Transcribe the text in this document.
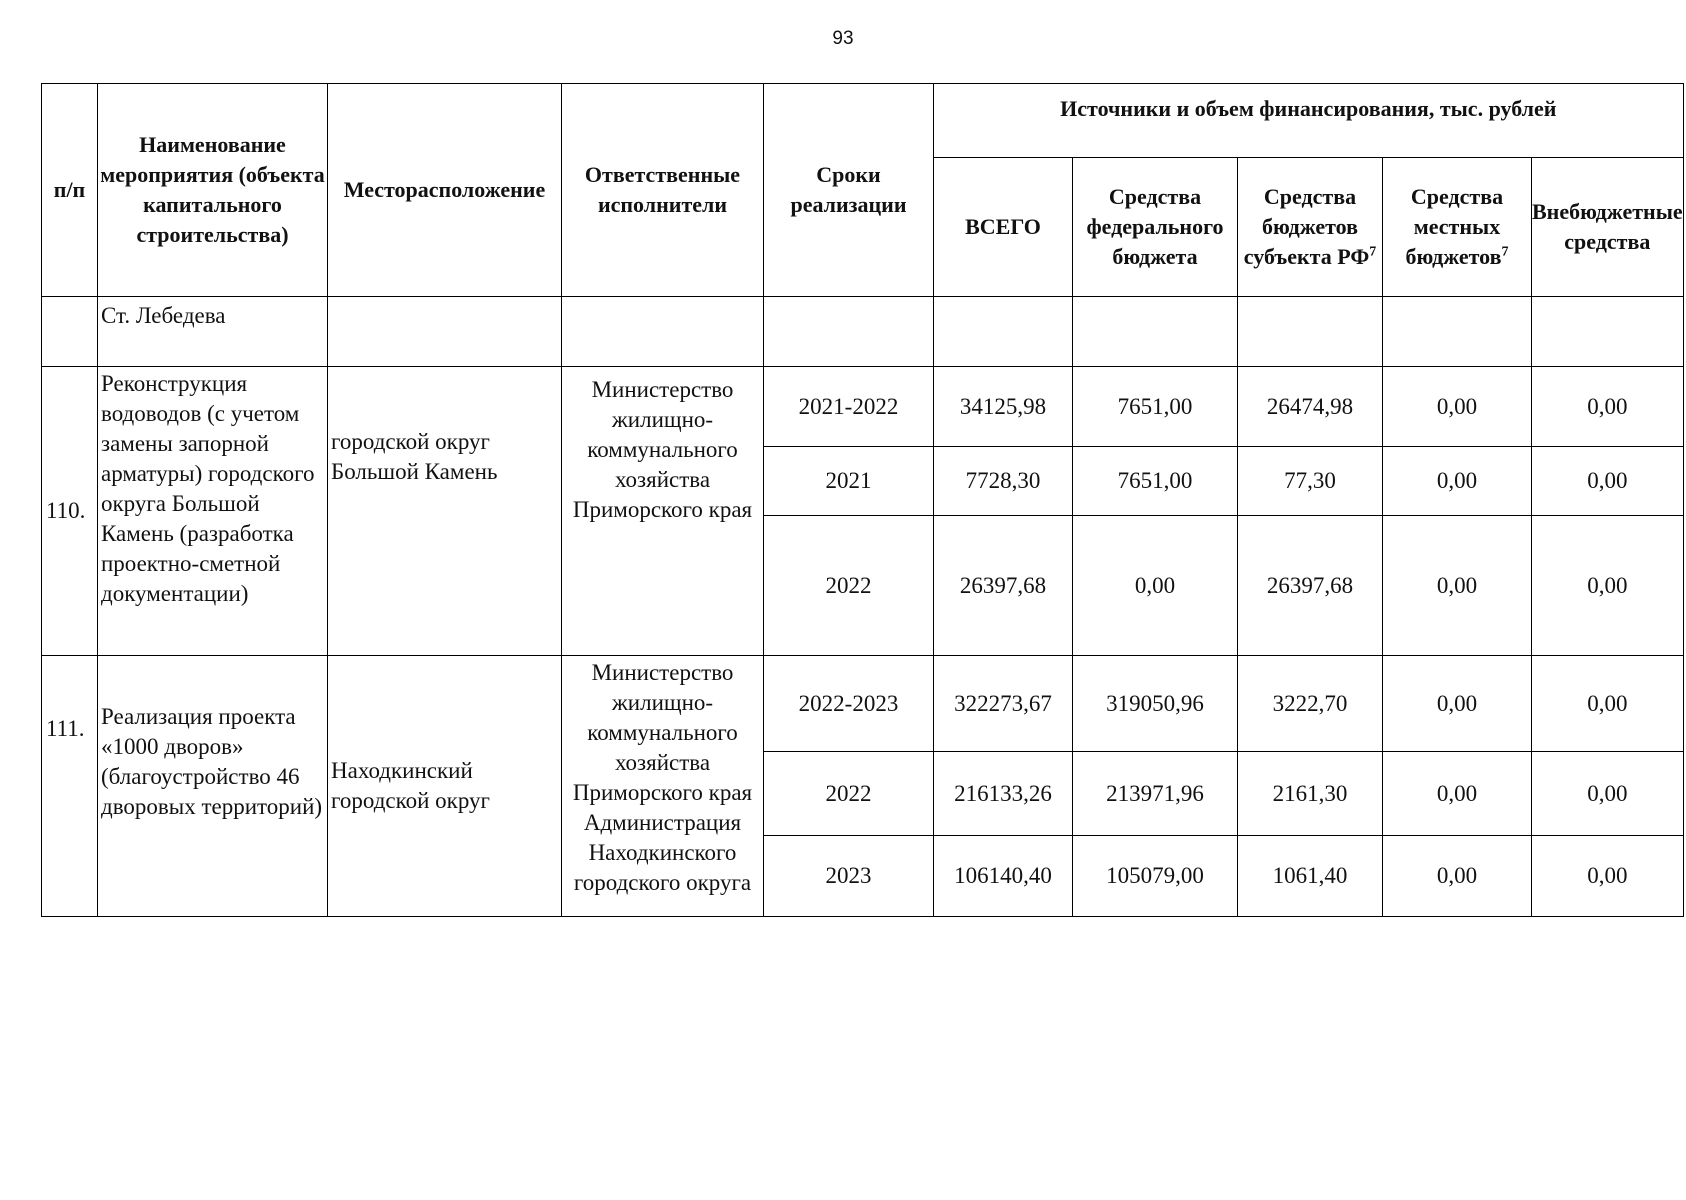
93
п/п	Наименование мероприятия (объекта капитального строительства)	Месторасположение	Ответственные исполнители	Сроки реализации	Источники и объем финансирования, тыс. рублей				
					ВСЕГО	Средства федерального бюджета	Средства бюджетов субъекта $РФ^7$	Средства местных бюджетов$^7$	Внебюджетные средства
	Ст. Лебедева								
110.	Реконструкция водоводов (с учетом замены запорной арматуры) городского округа Большой Камень (разработка проектно-сметной документации)	городской округ Большой Камень	Министерство жилищно-коммунального хозяйства Приморского края	2021-2022	34125,98	7651,00	26474,98	0,00	0,00
				2021	7728,30	7651,00	77,30	0,00	0,00
				2022	26397,68	0,00	26397,68	0,00	0,00
111.	Реализация проекта «1000 дворов» (благоустройство 46 дворовых территорий)	Находкинский городской округ	Министерство жилищно-коммунального хозяйства Приморского края Администрация Находкинского городского округа	2022-2023	322273,67	319050,96	3222,70	0,00	0,00
				2022	216133,26	213971,96	2161,30	0,00	0,00
				2023	106140,40	105079,00	1061,40	0,00	0,00
